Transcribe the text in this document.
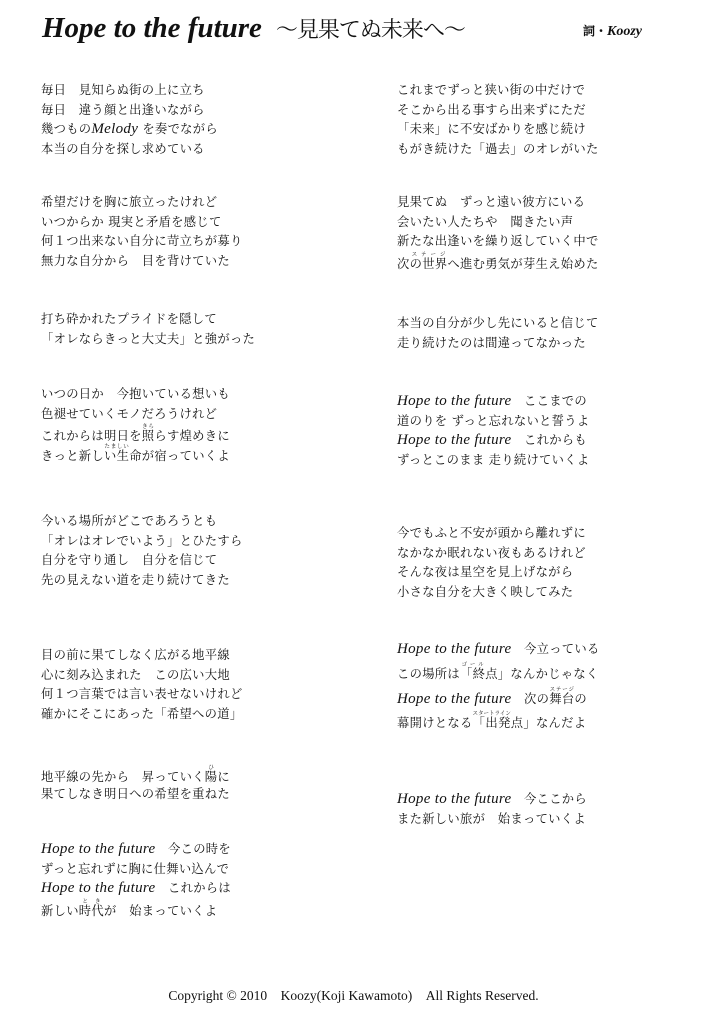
Hope to the future ～見果てぬ未来へ～	詞・Koozy
毎日　見知らぬ街の上に立ち
毎日　違う顔と出逢いながら
幾つものMelody を奏でながら
本当の自分を探し求めている
希望だけを胸に旅立ったけれど
いつからか 現実と矛盾を感じて
何１つ出来ない自分に苛立ちが募り
無力な自分から　目を背けていた
打ち砕かれたプライドを隠して
「オレならきっと大丈夫」と強がった
いつの日か　今抱いている想いも
色褪せていくモノだろうけれど
これからは明日を照きららす煌めきに
きっと新しい生たましい命が宿っていくよ
今いる場所がどこであろうとも
「オレはオレでいよう」とひたすら
自分を守り通し　自分を信じて
先の見えない道を走り続けてきた
目の前に果てしなく広がる地平線
心に刻み込まれた　この広い大地
何１つ言葉では言い表せないけれど
確かにそこにあった「希望への道」
地平線の先から　昇っていく陽ひに
果てしなき明日への希望を重ねた
Hope to the future　 今この時を
ずっと忘れずに胸に仕舞い込んで
Hope to the future　 これからは
新しい時代ときが　始まっていくよ
これまでずっと狭い街の中だけで
そこから出る事すら出来ずにただ
「未来」に不安ばかりを感じ続け
もがき続けた「過去」のオレがいた
見果てぬ　ずっと遠い彼方にいる
会いたい人たちや　聞きたい声
新たな出逢いを繰り返していく中で
次の世界ステージへ進む勇気が芽生え始めた
本当の自分が少し先にいると信じて
走り続けたのは間違ってなかった
Hope to the future　 ここまでの
道のりを ずっと忘れないと誓うよ
Hope to the future　 これからも
ずっとこのまま 走り続けていくよ
今でもふと不安が頭から離れずに
なかなか眠れない夜もあるけれど
そんな夜は星空を見上げながら
小さな自分を大きく映してみた
Hope to the future　 今立っている
この場所は「終ゴール点」なんかじゃなく
Hope to the future　 次の舞台ステージの
幕開けとなる「出発スタートライン点」なんだよ
Hope to the future　 今ここから
また新しい旅が　始まっていくよ
Copyright © 2010　Koozy(Koji Kawamoto)　All Rights Reserved.
